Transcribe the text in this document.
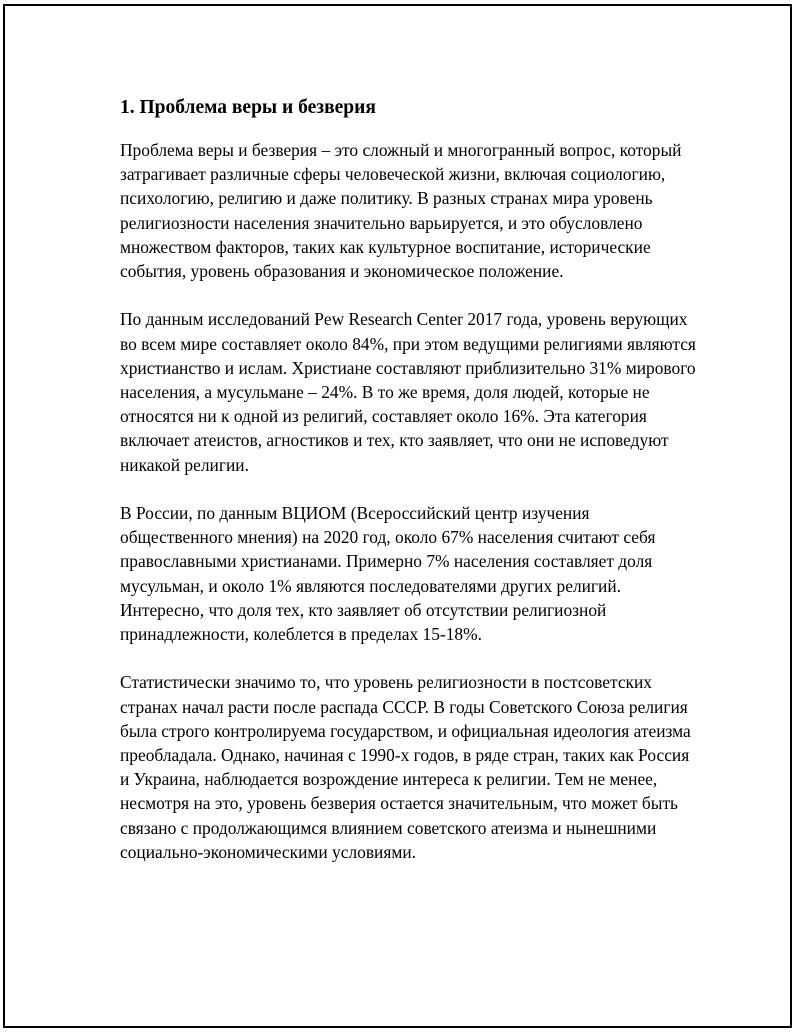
1. Проблема веры и безверия

Проблема веры и безверия – это сложный и многогранный вопрос, который затрагивает различные сферы человеческой жизни, включая социологию, психологию, религию и даже политику. В разных странах мира уровень религиозности населения значительно варьируется, и это обусловлено множеством факторов, таких как культурное воспитание, исторические события, уровень образования и экономическое положение.

По данным исследований Pew Research Center 2017 года, уровень верующих во всем мире составляет около 84%, при этом ведущими религиями являются христианство и ислам. Христиане составляют приблизительно 31% мирового населения, а мусульмане – 24%. В то же время, доля людей, которые не относятся ни к одной из религий, составляет около 16%. Эта категория включает атеистов, агностиков и тех, кто заявляет, что они не исповедуют никакой религии.

В России, по данным ВЦИОМ (Всероссийский центр изучения общественного мнения) на 2020 год, около 67% населения считают себя православными христианами. Примерно 7% населения составляет доля мусульман, и около 1% являются последователями других религий. Интересно, что доля тех, кто заявляет об отсутствии религиозной принадлежности, колеблется в пределах 15-18%.

Статистически значимо то, что уровень религиозности в постсоветских странах начал расти после распада СССР. В годы Советского Союза религия была строго контролируема государством, и официальная идеология атеизма преобладала. Однако, начиная с 1990-х годов, в ряде стран, таких как Россия и Украина, наблюдается возрождение интереса к религии. Тем не менее, несмотря на это, уровень безверия остается значительным, что может быть связано с продолжающимся влиянием советского атеизма и нынешними социально-экономическими условиями.
